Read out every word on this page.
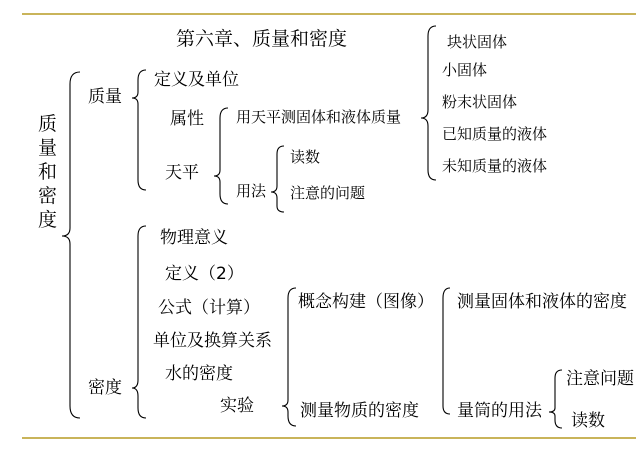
第六章、质量和密度
质量和密度
质量
定义及单位
属性
天平
用天平测固体和液体质量
用法
读数
注意的问题
块状固体
小固体
粉末状固体
已知质量的液体
未知质量的液体
密度
物理意义
定义（2）
公式（计算）
单位及换算关系
水的密度
实验
概念构建（图像）
测量物质的密度
测量固体和液体的密度
量筒的用法
注意问题
读数
